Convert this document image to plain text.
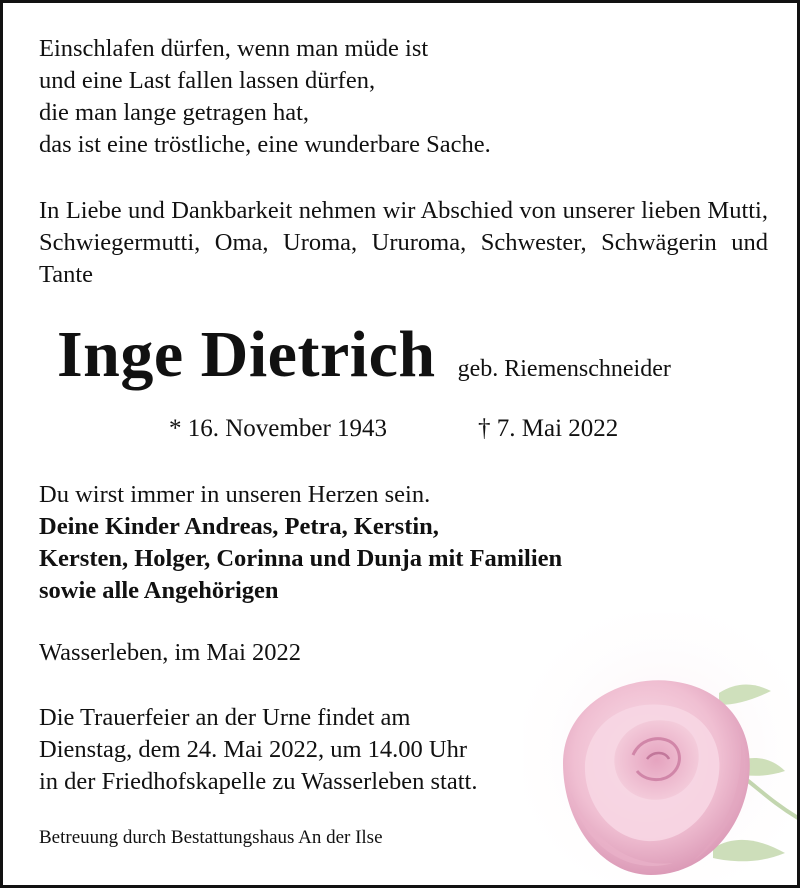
Einschlafen dürfen, wenn man müde ist
und eine Last fallen lassen dürfen,
die man lange getragen hat,
das ist eine tröstliche, eine wunderbare Sache.
In Liebe und Dankbarkeit nehmen wir Abschied von unserer lieben Mutti, Schwiegermutti, Oma, Uroma, Ururoma, Schwester, Schwägerin und Tante
Inge Dietrich geb. Riemenschneider
* 16. November 1943	† 7. Mai 2022
Du wirst immer in unseren Herzen sein.
Deine Kinder Andreas, Petra, Kerstin,
Kersten, Holger, Corinna und Dunja mit Familien
sowie alle Angehörigen
Wasserleben, im Mai 2022
Die Trauerfeier an der Urne findet am
Dienstag, dem 24. Mai 2022, um 14.00 Uhr
in der Friedhofskapelle zu Wasserleben statt.
Betreuung durch Bestattungshaus An der Ilse
